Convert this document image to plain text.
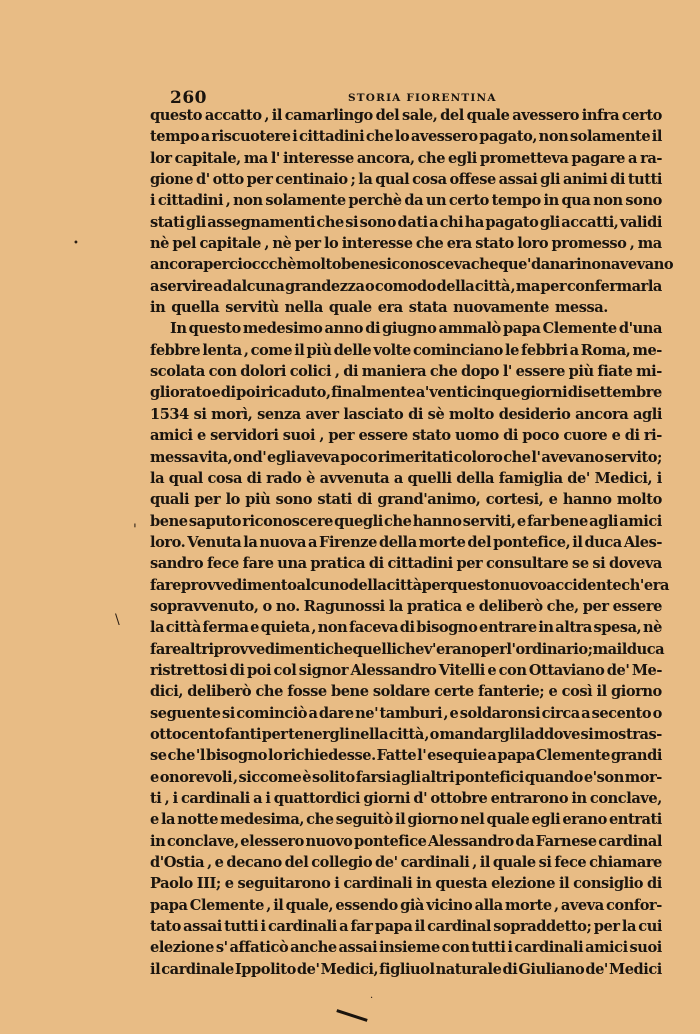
260	STORIA FIORENTINA
questo accatto , il camarlingo del sale, del quale avessero infra certo
tempo a riscuotere i cittadini che lo avessero pagato, non solamente il
lor capitale, ma l' interesse ancora, che egli prometteva pagare a ra-
gione d' otto per centinaio ; la qual cosa offese assai gli animi di tutti
i cittadini , non solamente perchè da un certo tempo in qua non sono
stati gli assegnamenti che si sono dati a chi ha pagato gli accatti, validi
nè pel capitale , nè per lo interesse che era stato loro promesso , ma
ancora percioccchè molto bene si conosceva che que' danari non avevano
a servire ad alcuna grandezza o comodo della città , ma per confermarla
in quella servitù nella quale era stata nuovamente messa.
In questo medesimo anno di giugno ammalò papa Clemente d'una
febbre lenta , come il più delle volte cominciano le febbri a Roma, me-
scolata con dolori colici , di maniera che dopo l' essere più fiate mi-
gliorato e di poi ricaduto, finalmente a' venticinque giorni di settembre
1534 si morì, senza aver lasciato di sè molto desiderio ancora agli
amici e servidori suoi , per essere stato uomo di poco cuore e di ri-
messa vita, ond' egli aveva poco rimeritati coloro che l' avevano servito;
la qual cosa di rado è avvenuta a quelli della famiglia de' Medici, i
quali per lo più sono stati di grand'animo, cortesi, e hanno molto
bene saputo riconoscere quegli che hanno serviti, e far bene agli amici
loro. Venuta la nuova a Firenze della morte del pontefice, il duca Ales-
sandro fece fare una pratica di cittadini per consultare se si doveva
fare provvedimento alcuno della città per questo nuovo accidente ch'era
sopravvenuto, o no. Ragunossi la pratica e deliberò che, per essere
la città ferma e quieta , non faceva di bisogno entrare in altra spesa, nè
fare altri provvedimenti che quelli che v' erano per l' ordinario; ma il duca
ristrettosi di poi col signor Alessandro Vitelli e con Ottaviano de' Me-
dici, deliberò che fosse bene soldare certe fanterie; e così il giorno
seguente si cominciò a dare ne' tamburi , e soldaronsi circa a secento o
ottocento fanti per tenergli nella città , o mandargli laddove si mostras-
se che 'l bisogno lo richiedesse. Fatte l' esequie a papa Clemente grandi
e onorevoli , siccome è solito farsi agli altri pontefici quando e'son mor-
ti , i cardinali a i quattordici giorni d' ottobre entrarono in conclave,
e la notte medesima, che seguitò il giorno nel quale egli erano entrati
in conclave, elessero nuovo pontefice Alessandro da Farnese cardinal
d'Ostia , e decano del collegio de' cardinali , il quale si fece chiamare
Paolo III; e seguitarono i cardinali in questa elezione il consiglio di
papa Clemente , il quale, essendo già vicino alla morte , aveva confor-
tato assai tutti i cardinali a far papa il cardinal sopraddetto; per la cui
elezione s' affaticò anche assai insieme con tutti i cardinali amici suoi
il cardinale Ippolito de' Medici, figliuol naturale di Giuliano de' Medici
•
'
\
·
